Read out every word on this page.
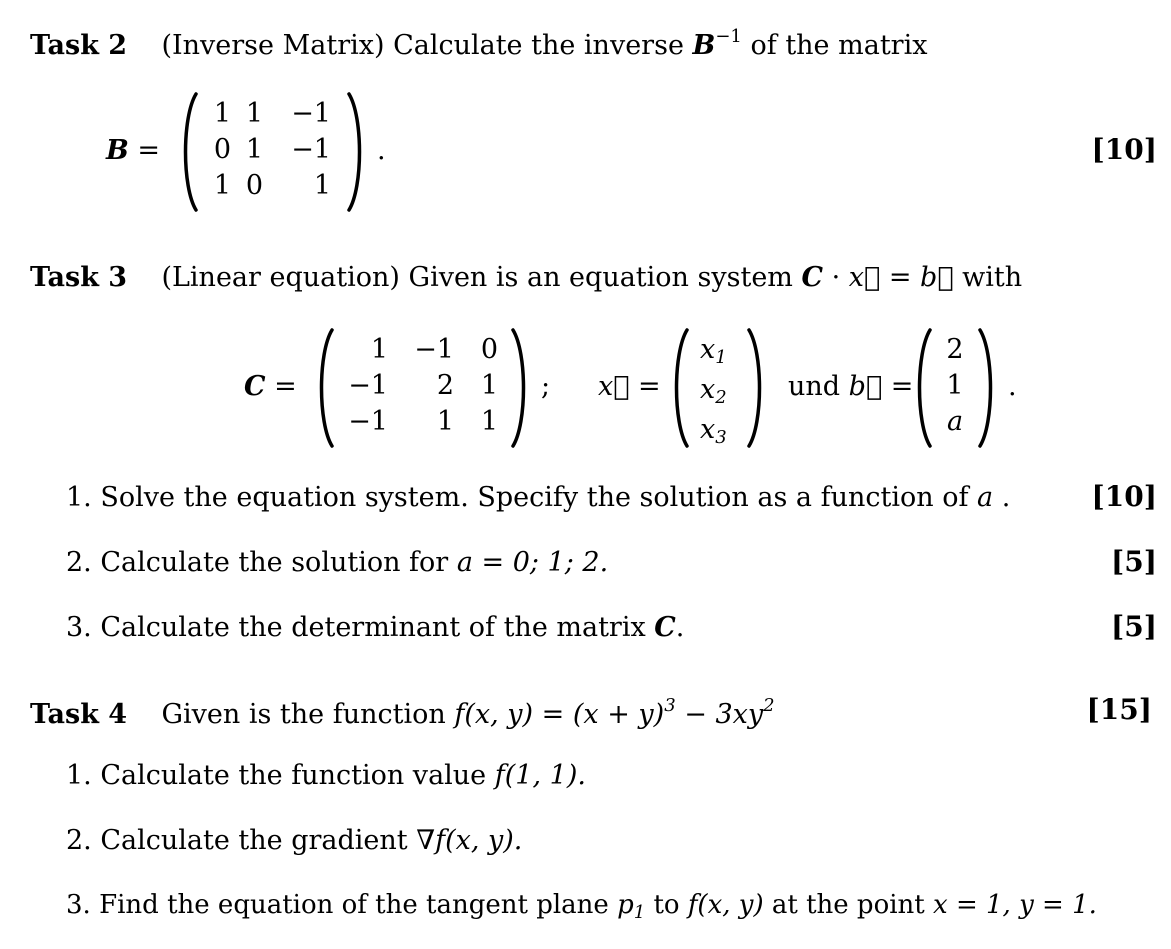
Task 2 (Inverse Matrix) Calculate the inverse $B^{-1}$ of the matrix
B =
1 1	−1
0 1	−1
1 0	1
.	[10]
Task 3 (Linear equation) Given is an equation system C · x⃗ = b⃗ with
C =
1 −1 0
−1	2 1
−1	1 1
; x⃗ =
$x_1$
$x_2$
$x_3$
und b⃗ =
2
1
a
.
1. Solve the equation system. Specify the solution as a function of a .	[10]
2. Calculate the solution for a = 0; 1; 2.	[5]
3. Calculate the determinant of the matrix C.	[5]
Task 4 Given is the function f(x, $y) = (x + y)^3 - 3xy^2$	[15]
1. Calculate the function value f(1, 1).
2. Calculate the gradient ∇f(x, y).
3. Find the equation of the tangent plane $p_1$ to f(x, y) at the point x = 1, y = 1.
